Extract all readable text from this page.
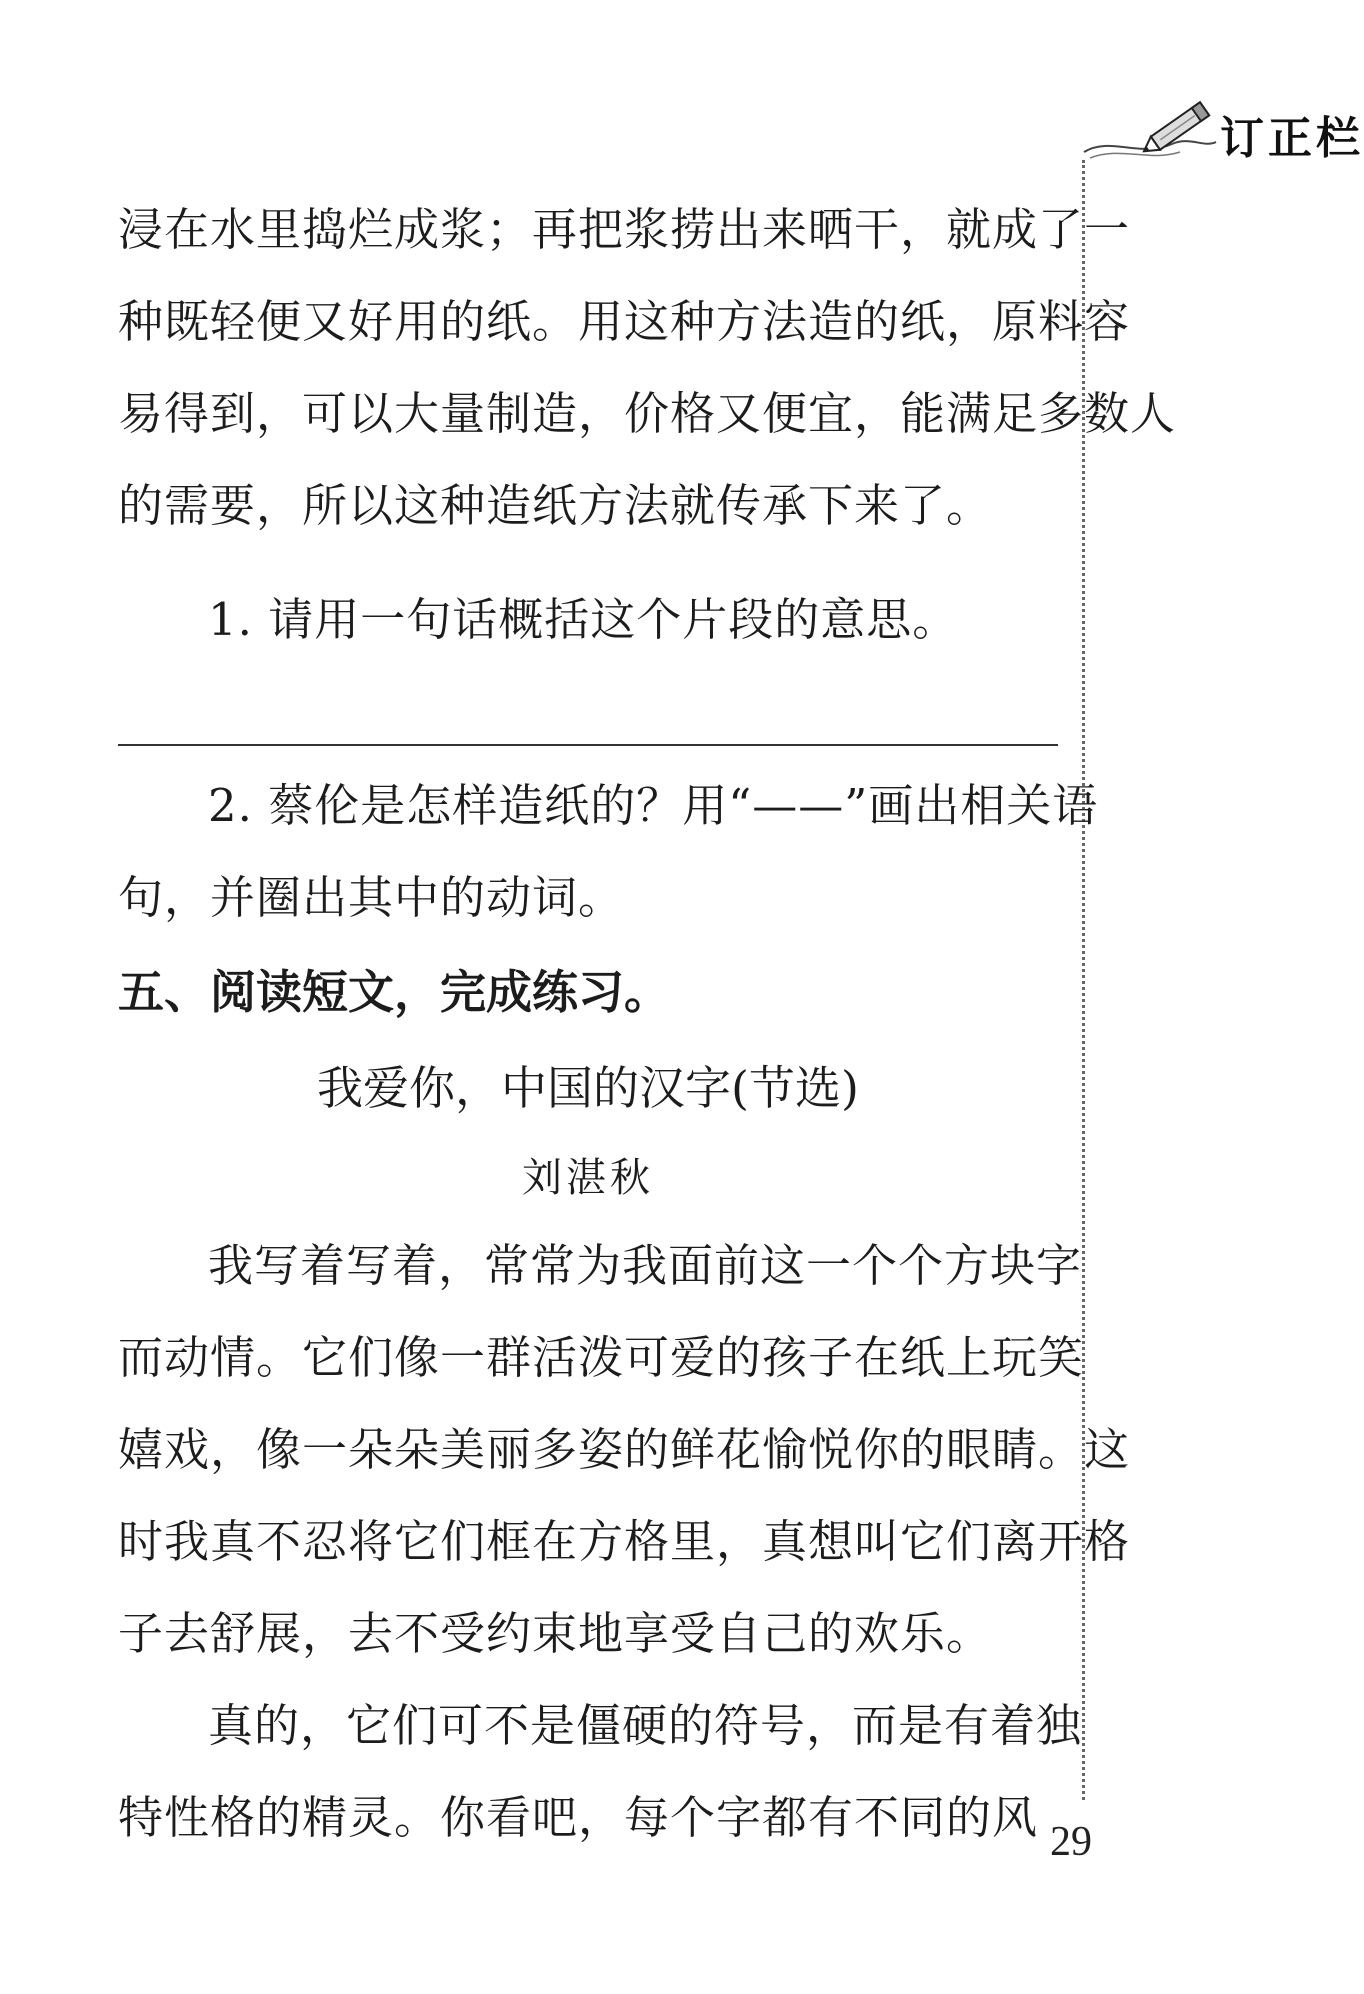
订正栏
浸在水里捣烂成浆；再把浆捞出来晒干，就成了一
种既轻便又好用的纸。用这种方法造的纸，原料容
易得到，可以大量制造，价格又便宜，能满足多数人
的需要，所以这种造纸方法就传承下来了。
1. 请用一句话概括这个片段的意思。
2. 蔡伦是怎样造纸的？用“——”画出相关语
句，并圈出其中的动词。
五、阅读短文，完成练习。
我爱你，中国的汉字(节选)
刘湛秋
我写着写着，常常为我面前这一个个方块字
而动情。它们像一群活泼可爱的孩子在纸上玩笑
嬉戏，像一朵朵美丽多姿的鲜花愉悦你的眼睛。这
时我真不忍将它们框在方格里，真想叫它们离开格
子去舒展，去不受约束地享受自己的欢乐。
真的，它们可不是僵硬的符号，而是有着独
特性格的精灵。你看吧，每个字都有不同的风 29
